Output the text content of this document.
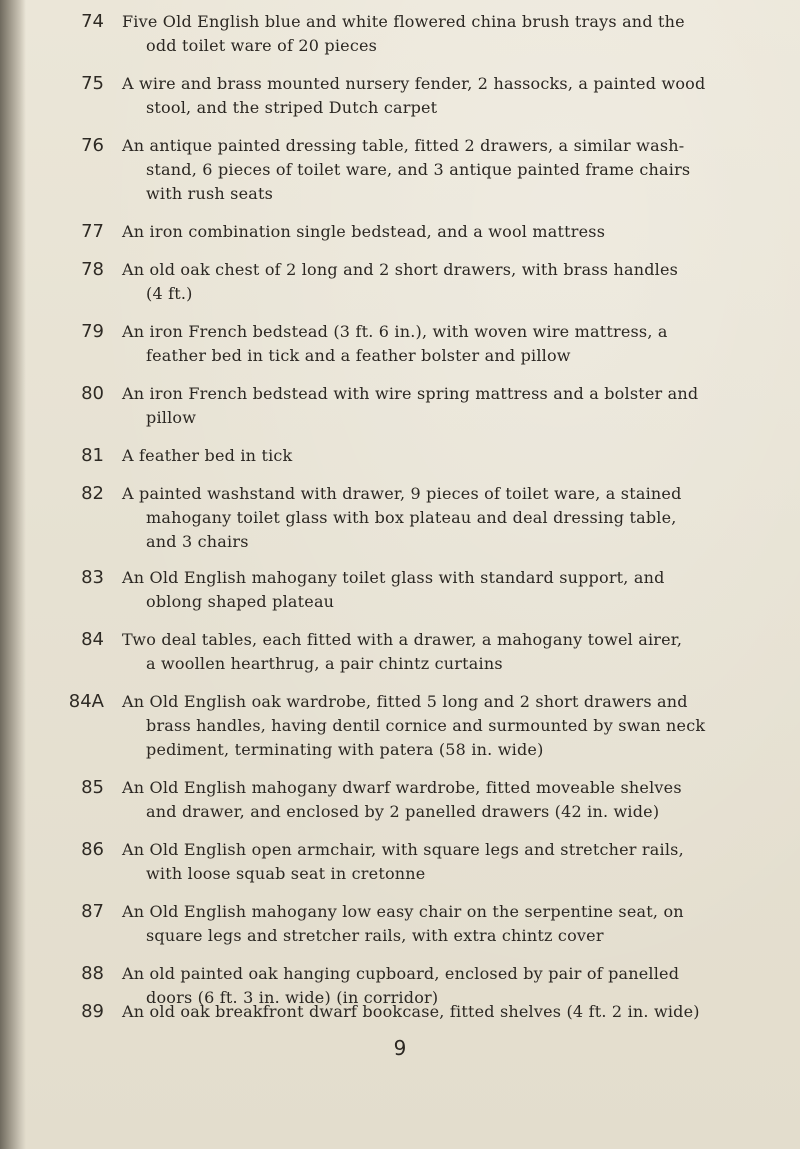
74 Five Old English blue and white flowered china brush trays and the
odd toilet ware of 20 pieces
75 A wire and brass mounted nursery fender, 2 hassocks, a painted wood
stool, and the striped Dutch carpet
76 An antique painted dressing table, fitted 2 drawers, a similar wash-
stand, 6 pieces of toilet ware, and 3 antique painted frame chairs
with rush seats
77 An iron combination single bedstead, and a wool mattress
78 An old oak chest of 2 long and 2 short drawers, with brass handles
(4 ft.)
79 An iron French bedstead (3 ft. 6 in.), with woven wire mattress, a
feather bed in tick and a feather bolster and pillow
80 An iron French bedstead with wire spring mattress and a bolster and
pillow
81 A feather bed in tick
82 A painted washstand with drawer, 9 pieces of toilet ware, a stained
mahogany toilet glass with box plateau and deal dressing table,
and 3 chairs
83 An Old English mahogany toilet glass with standard support, and
oblong shaped plateau
84 Two deal tables, each fitted with a drawer, a mahogany towel airer,
a woollen hearthrug, a pair chintz curtains
84A An Old English oak wardrobe, fitted 5 long and 2 short drawers and
brass handles, having dentil cornice and surmounted by swan neck
pediment, terminating with patera (58 in. wide)
85 An Old English mahogany dwarf wardrobe, fitted moveable shelves
and drawer, and enclosed by 2 panelled drawers (42 in. wide)
86 An Old English open armchair, with square legs and stretcher rails,
with loose squab seat in cretonne
87 An Old English mahogany low easy chair on the serpentine seat, on
square legs and stretcher rails, with extra chintz cover
88 An old painted oak hanging cupboard, enclosed by pair of panelled
doors (6 ft. 3 in. wide) (in corridor)
89 An old oak breakfront dwarf bookcase, fitted shelves (4 ft. 2 in. wide)
9
